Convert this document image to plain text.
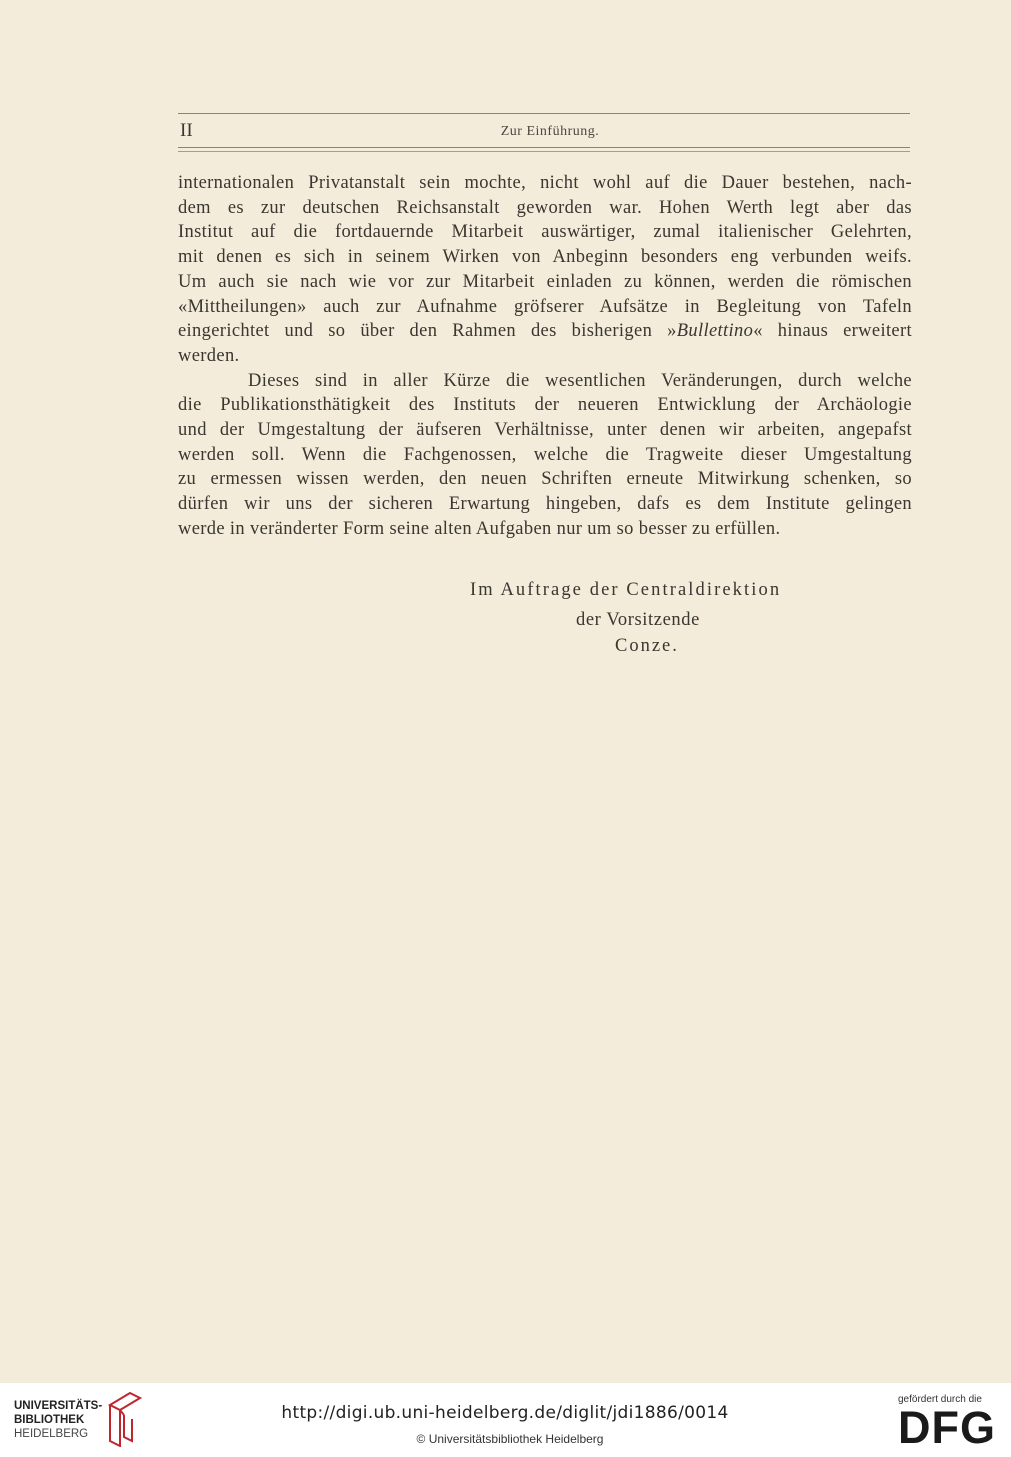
II	Zur Einführung.
internationalen Privatanstalt sein mochte, nicht wohl auf die Dauer bestehen, nach-
dem es zur deutschen Reichsanstalt geworden war. Hohen Werth legt aber das
Institut auf die fortdauernde Mitarbeit auswärtiger, zumal italienischer Gelehrten,
mit denen es sich in seinem Wirken von Anbeginn besonders eng verbunden weifs.
Um auch sie nach wie vor zur Mitarbeit einladen zu können, werden die römischen
«Mittheilungen» auch zur Aufnahme gröfserer Aufsätze in Begleitung von Tafeln
eingerichtet und so über den Rahmen des bisherigen »Bullettino« hinaus erweitert
werden.
Dieses sind in aller Kürze die wesentlichen Veränderungen, durch welche
die Publikationsthätigkeit des Instituts der neueren Entwicklung der Archäologie
und der Umgestaltung der äufseren Verhältnisse, unter denen wir arbeiten, angepafst
werden soll. Wenn die Fachgenossen, welche die Tragweite dieser Umgestaltung
zu ermessen wissen werden, den neuen Schriften erneute Mitwirkung schenken, so
dürfen wir uns der sicheren Erwartung hingeben, dafs es dem Institute gelingen
werde in veränderter Form seine alten Aufgaben nur um so besser zu erfüllen.
Im Auftrage der Centraldirektion
der Vorsitzende
Conze.
UNIVERSITÄTS-
BIBLIOTHEK
HEIDELBERG
http://digi.ub.uni-heidelberg.de/diglit/jdi1886/0014
© Universitätsbibliothek Heidelberg
gefördert durch die
DFG
